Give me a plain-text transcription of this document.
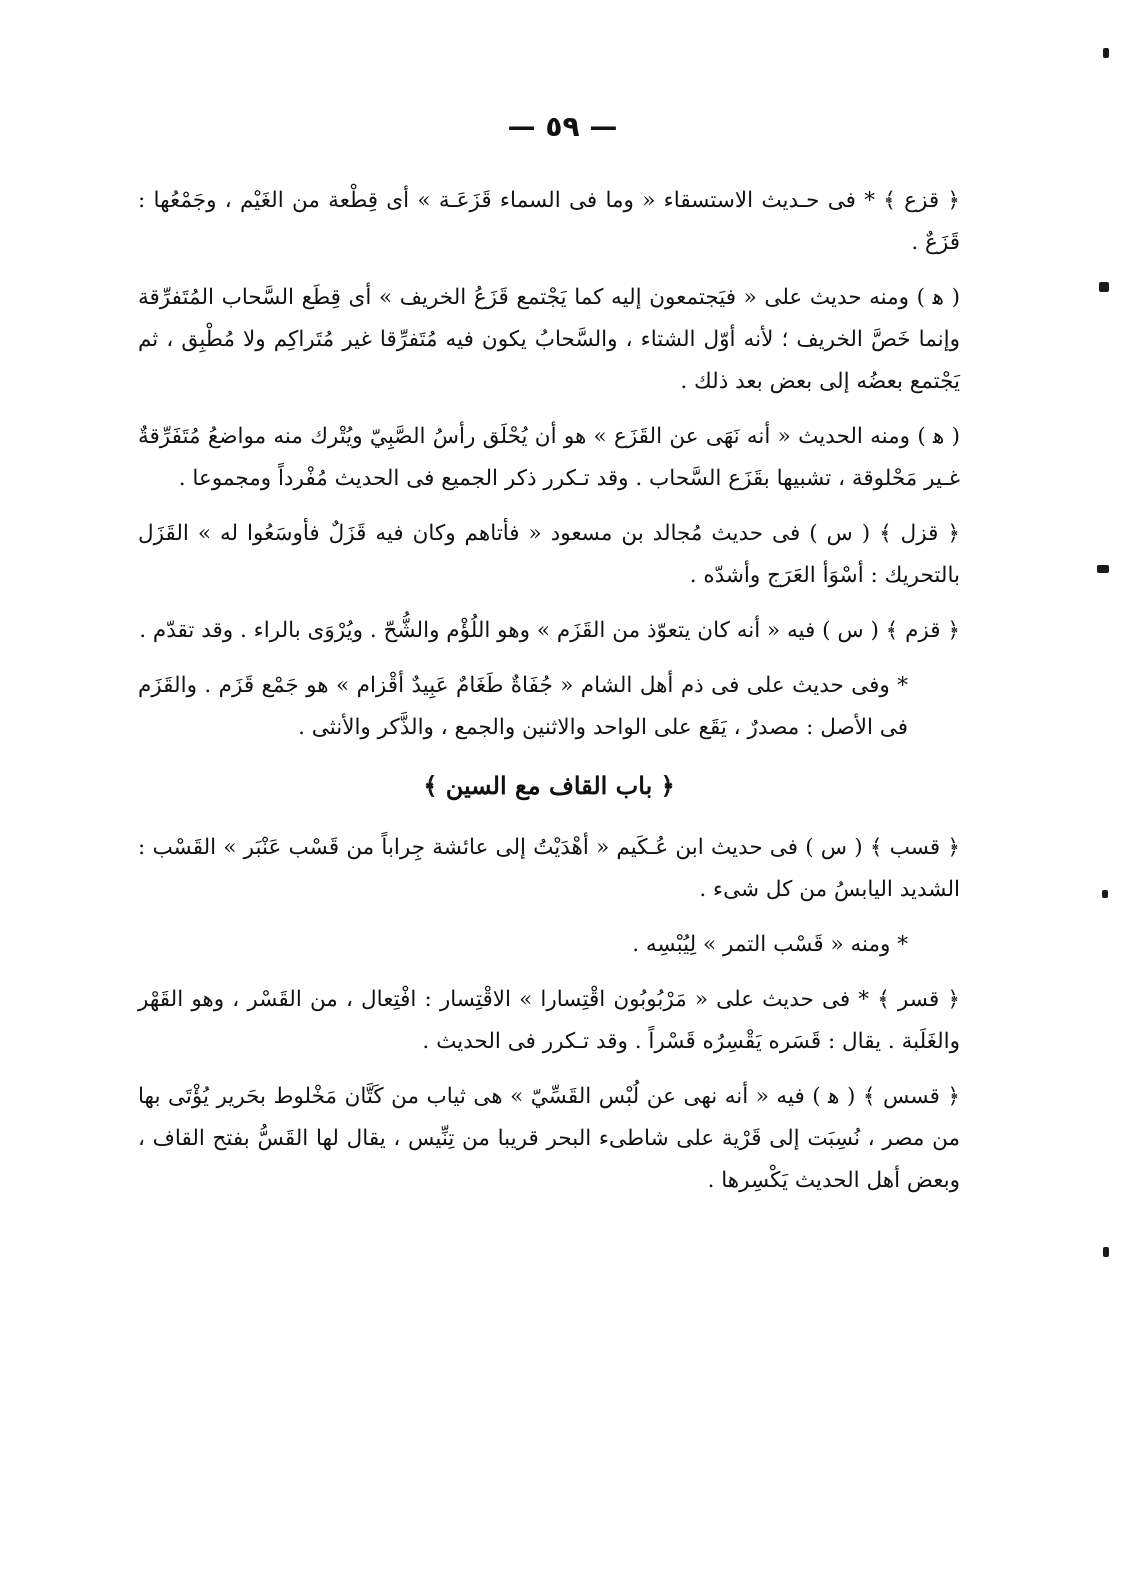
— ٥٩ —

﴿ قزع ﴾ * فى حـديث الاستسقاء « وما فى السماء قَزَعَـة » أى قِطْعة من الغَيْم ، وجَمْعُها : قَزَعٌ .

( ﻫ ) ومنه حديث على « فيَجتمعون إليه كما يَجْتمع قَزَعُ الخريف » أى قِطَع السَّحاب المُتَفرِّقة وإنما خَصَّ الخريف ؛ لأنه أوّل الشتاء ، والسَّحابُ يكون فيه مُتَفرِّقا غير مُتَراكِم ولا مُطْبِق ، ثم يَجْتمع بعضُه إلى بعض بعد ذلك .

( ﻫ ) ومنه الحديث « أنه نَهَى عن القَزَع » هو أن يُحْلَق رأسُ الصَّبِيّ ويُتْرك منه مواضعُ مُتَفَرِّقةٌ غـير مَحْلوقة ، تشبيها بقَزَع السَّحاب . وقد تـكرر ذكر الجميع فى الحديث مُفْرداً ومجموعا .

﴿ قزل ﴾ ( س ) فى حديث مُجالد بن مسعود « فأتاهم وكان فيه قَزَلٌ فأوسَعُوا له » القَزَل بالتحريك : أسْوَأ العَرَج وأشدّه .

﴿ قزم ﴾ ( س ) فيه « أنه كان يتعوّذ من القَزَم » وهو اللُؤْم والشُّحّ . ويُرْوَى بالراء . وقد تقدّم .

* وفى حديث على فى ذم أهل الشام « جُفَاةٌ طَغَامٌ عَبِيدٌ أقْزام » هو جَمْع قَزَم . والقَزَم فى الأصل : مصدرٌ ، يَقَع على الواحد والاثنين والجمع ، والذَّكر والأنثى .

﴿ باب القاف مع السين ﴾

﴿ قسب ﴾ ( س ) فى حديث ابن عُـكَيم « أهْدَيْتُ إلى عائشة جِراباً من قَسْب عَنْبَر » القَسْب : الشديد اليابسُ من كل شىء .

* ومنه « قَسْب التمر » لِيُبْسِه .

﴿ قسر ﴾ * فى حديث على « مَرْبُوبُون اقْتِسارا » الاقْتِسار : افْتِعال ، من القَسْر ، وهو القَهْر والغَلَبة . يقال : قَسَره يَقْسِرُه قَسْراً . وقد تـكرر فى الحديث .

﴿ قسس ﴾ ( ﻫ ) فيه « أنه نهى عن لُبْس القَسِّيّ » هى ثياب من كَتَّان مَخْلوط بحَرير يُؤْتَى بها من مصر ، نُسِبَت إلى قَرْية على شاطىء البحر قريبا من تِنِّيس ، يقال لها القَسُّ بفتح القاف ، وبعض أهل الحديث يَكْسِرها .
